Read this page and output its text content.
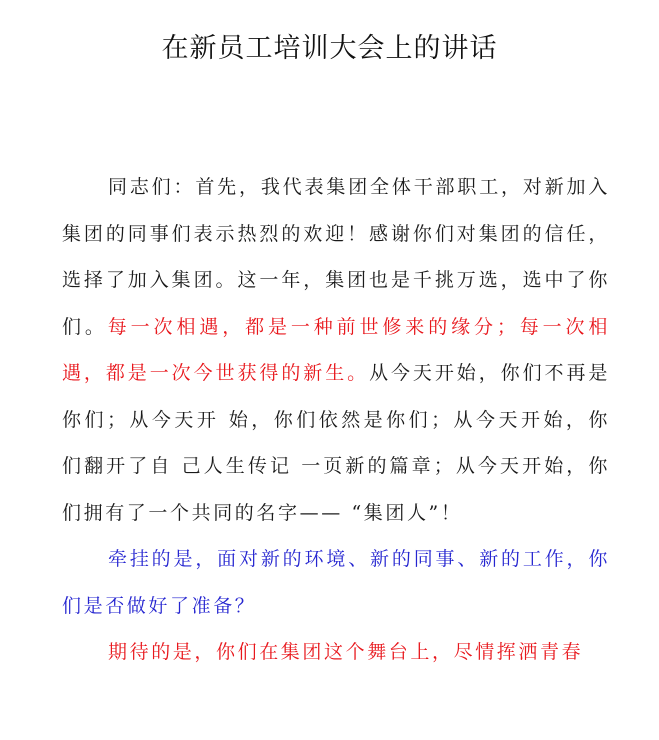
在新员工培训大会上的讲话

同志们：首先，我代表集团全体干部职工，对新加入集团的同事们表示热烈的欢迎！感谢你们对集团的信任，选择了加入集团。这一年，集团也是千挑万选，选中了你们。每一次相遇，都是一种前世修来的缘分；每一次相遇，都是一次今世获得的新生。从今天开始，你们不再是你们；从今天开 始，你们依然是你们；从今天开始，你们翻开了自 己人生传记 一页新的篇章；从今天开始，你们拥有了一个共同的名字—— “集团人”！

牵挂的是，面对新的环境、新的同事、新的工作，你们是否做好了准备？

期待的是，你们在集团这个舞台上，尽情挥洒青春
